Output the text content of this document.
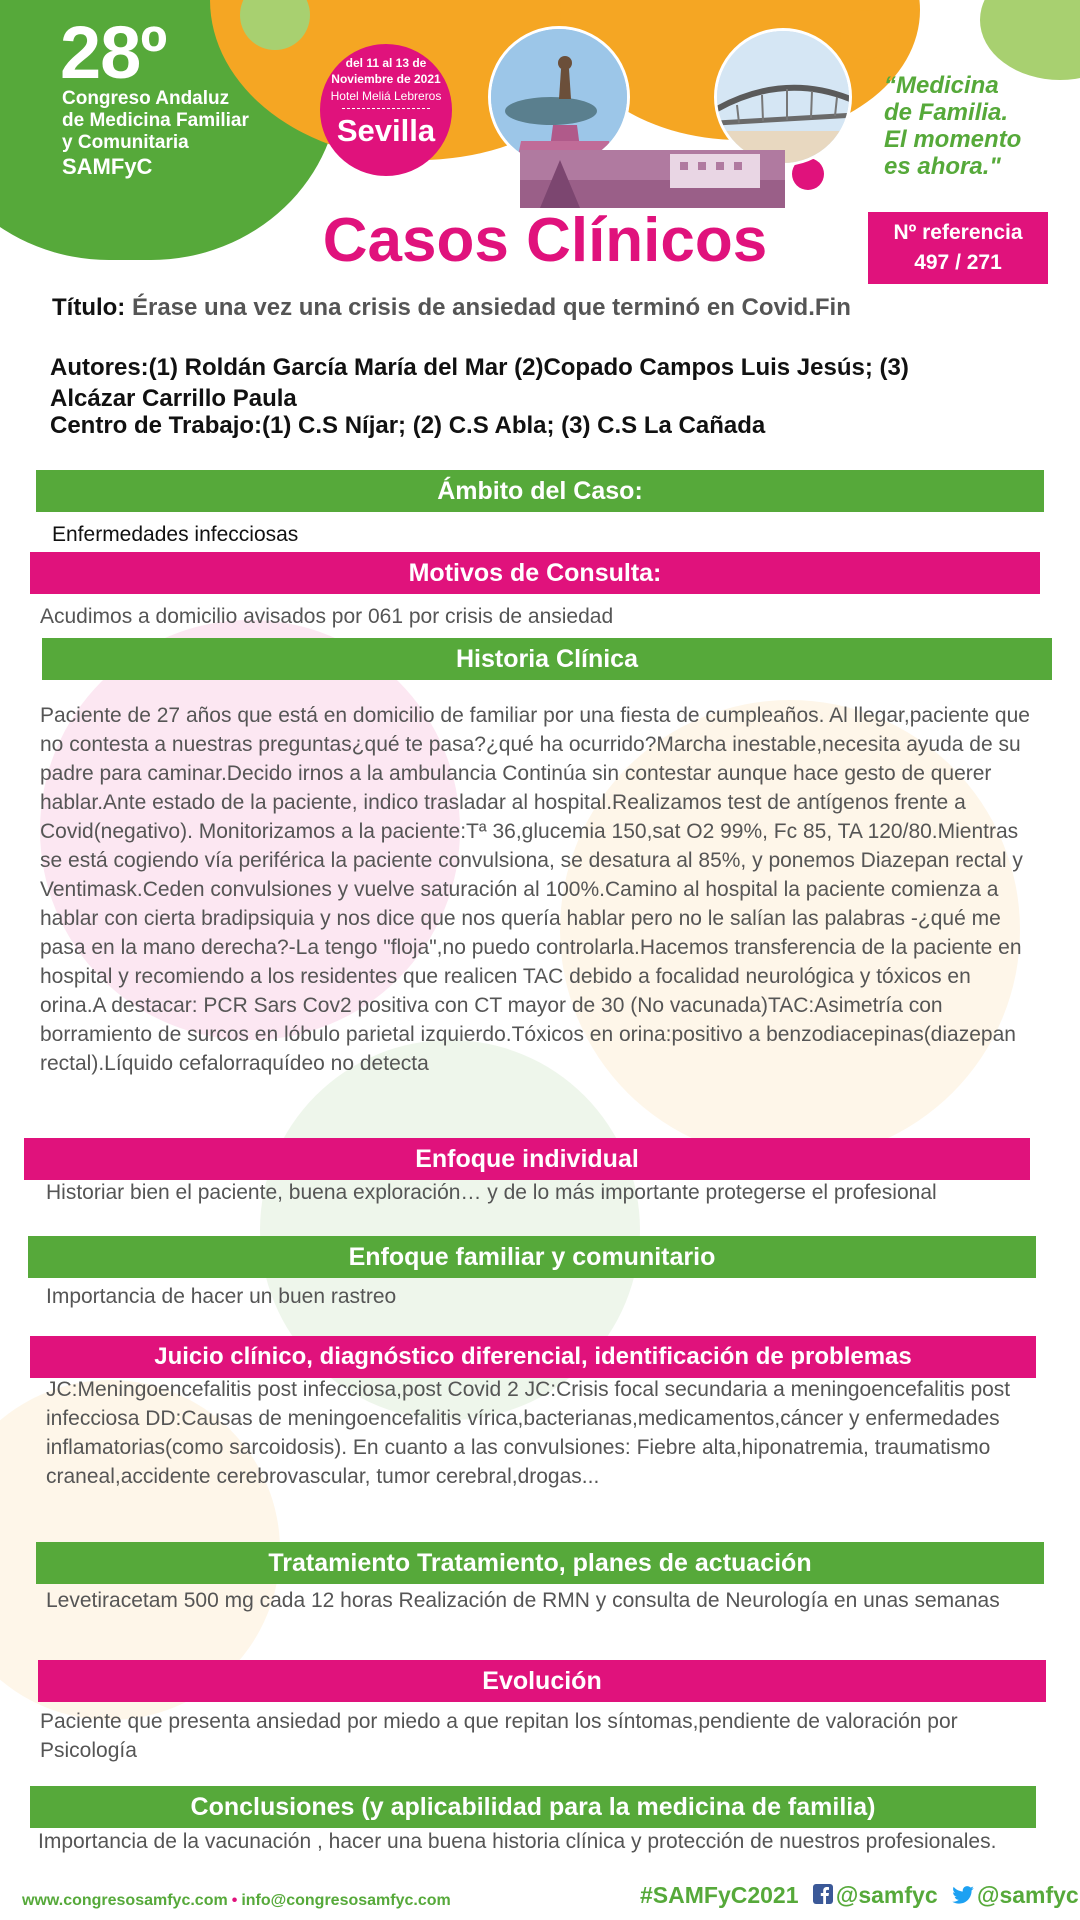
28º
Congreso Andaluz
de Medicina Familiar
y Comunitaria
SAMFyC
del 11 al 13 de
Noviembre de 2021
Hotel Meliá Lebreros
Sevilla
“Medicina
de Familia.
El momento
es ahora."
Casos Clínicos	Nº referencia
497 / 271
Título: Érase una vez una crisis de ansiedad que terminó en Covid.Fin
Autores:(1) Roldán García María del Mar (2)Copado Campos Luis Jesús; (3)
Alcázar Carrillo Paula
Centro de Trabajo:(1) C.S Níjar; (2) C.S Abla; (3) C.S La Cañada
Ámbito del Caso:
Enfermedades infecciosas
Motivos de Consulta:
Acudimos a domicilio avisados por 061 por crisis de ansiedad
Historia Clínica
Paciente de 27 años que está en domicilio de familiar por una fiesta de cumpleaños. Al llegar,paciente que no contesta a nuestras preguntas¿qué te pasa?¿qué ha ocurrido?Marcha inestable,necesita ayuda de su padre para caminar.Decido irnos a la ambulancia Continúa sin contestar aunque hace gesto de querer hablar.Ante estado de la paciente, indico trasladar al hospital.Realizamos test de antígenos frente a Covid(negativo). Monitorizamos a la paciente:Tª 36,glucemia 150,sat O2 99%, Fc 85, TA 120/80.Mientras se está cogiendo vía periférica la paciente convulsiona, se desatura al 85%, y ponemos Diazepan rectal y Ventimask.Ceden convulsiones y vuelve saturación al 100%.Camino al hospital la paciente comienza a hablar con cierta bradipsiquia y nos dice que nos quería hablar pero no le salían las palabras -¿qué me pasa en la mano derecha?-La tengo "floja",no puedo controlarla.Hacemos transferencia de la paciente en hospital y recomiendo a los residentes que realicen TAC debido a focalidad neurológica y tóxicos en orina.A destacar: PCR Sars Cov2 positiva con CT mayor de 30 (No vacunada)TAC:Asimetría con borramiento de surcos en lóbulo parietal izquierdo.Tóxicos en orina:positivo a benzodiacepinas(diazepan rectal).Líquido cefalorraquídeo no detecta
Enfoque individual
Historiar bien el paciente, buena exploración… y de lo más importante protegerse el profesional
Enfoque familiar y comunitario
Importancia de hacer un buen rastreo
Juicio clínico, diagnóstico diferencial, identificación de problemas
JC:Meningoencefalitis post infecciosa,post Covid 2 JC:Crisis focal secundaria a meningoencefalitis post infecciosa DD:Causas de meningoencefalitis vírica,bacterianas,medicamentos,cáncer y enfermedades inflamatorias(como sarcoidosis). En cuanto a las convulsiones: Fiebre alta,hiponatremia, traumatismo craneal,accidente cerebrovascular, tumor cerebral,drogas...
Tratamiento Tratamiento, planes de actuación
Levetiracetam 500 mg cada 12 horas Realización de RMN y consulta de Neurología en unas semanas
Evolución
Paciente que presenta ansiedad por miedo a que repitan los síntomas,pendiente de valoración por Psicología
Conclusiones (y aplicabilidad para la medicina de familia)
Importancia de la vacunación , hacer una buena historia clínica y protección de nuestros profesionales.
www.congresosamfyc.com • info@congresosamfyc.com	#SAMFyC2021 @samfyc @samfyc
